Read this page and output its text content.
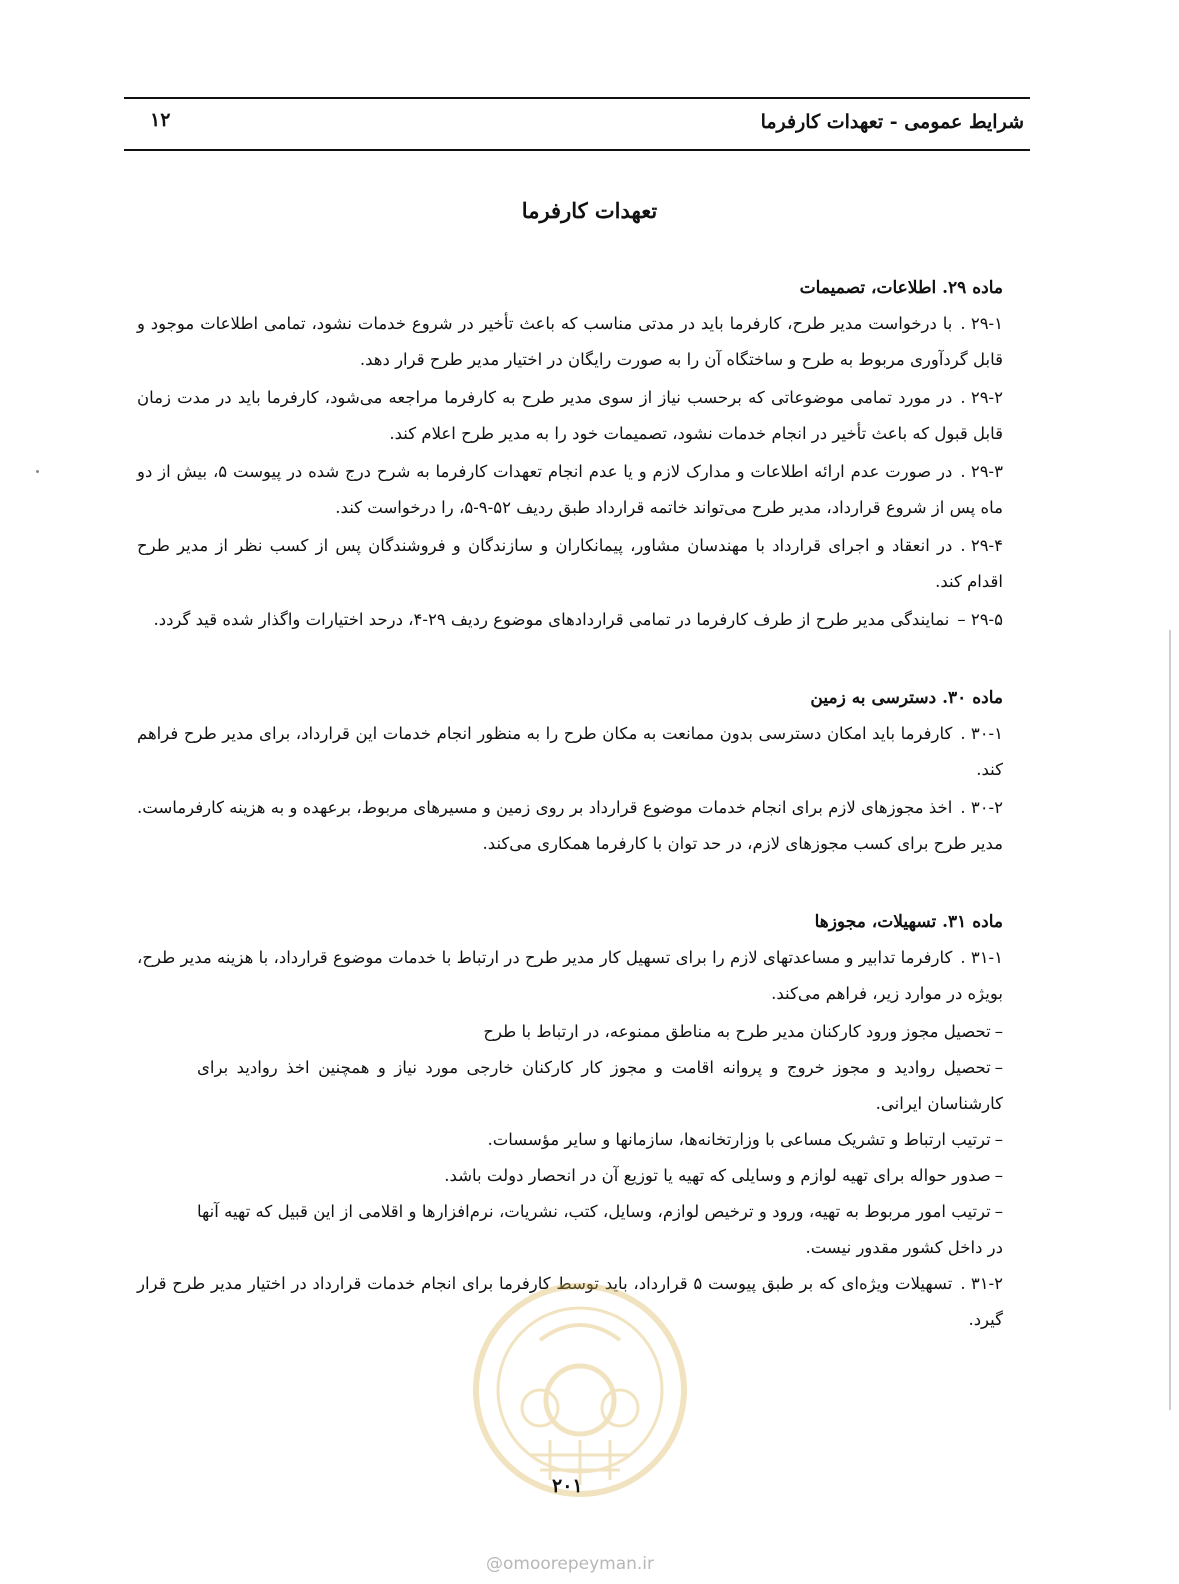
شرایط عمومی - تعهدات کارفرما
۱۲
تعهدات کارفرما

ماده ۲۹. اطلاعات، تصمیمات

۲۹-۱ .با درخواست مدیر طرح، کارفرما باید در مدتی مناسب که باعث تأخیر در شروع خدمات نشود، تمامی اطلاعات موجود و قابل گردآوری مربوط به طرح و ساختگاه آن را به صورت رایگان در اختیار مدیر طرح قرار دهد.

۲۹-۲ .در مورد تمامی موضوعاتی که برحسب نیاز از سوی مدیر طرح به کارفرما مراجعه می‌شود، کارفرما باید در مدت زمان قابل قبول که باعث تأخیر در انجام خدمات نشود، تصمیمات خود را به مدیر طرح اعلام کند.

۲۹-۳ .در صورت عدم ارائه اطلاعات و مدارک لازم و یا عدم انجام تعهدات کارفرما به شرح درج شده در پیوست ۵، بیش از دو ماه پس از شروع قرارداد، مدیر طرح می‌تواند خاتمه قرارداد طبق ردیف ۵۲-۹-۵، را درخواست کند.

۲۹-۴ .در انعقاد و اجرای قرارداد با مهندسان مشاور، پیمانکاران و سازندگان و فروشندگان پس از کسب نظر از مدیر طرح اقدام کند.

۲۹-۵ –نمایندگی مدیر طرح از طرف کارفرما در تمامی قراردادهای موضوع ردیف ۲۹-۴، درحد اختیارات واگذار شده قید گردد.

ماده ۳۰. دسترسی به زمین

۳۰-۱ .کارفرما باید امکان دسترسی بدون ممانعت به مکان طرح را به منظور انجام خدمات این قرارداد، برای مدیر طرح فراهم کند.

۳۰-۲ .اخذ مجوزهای لازم برای انجام خدمات موضوع قرارداد بر روی زمین و مسیرهای مربوط، برعهده و به هزینه کارفرماست. مدیر طرح برای کسب مجوزهای لازم، در حد توان با کارفرما همکاری می‌کند.

ماده ۳۱. تسهیلات، مجوزها

۳۱-۱ .کارفرما تدابیر و مساعدتهای لازم را برای تسهیل کار مدیر طرح در ارتباط با خدمات موضوع قرارداد، با هزینه مدیر طرح، بویژه در موارد زیر، فراهم می‌کند.

–تحصیل مجوز ورود کارکنان مدیر طرح به مناطق ممنوعه، در ارتباط با طرح

–تحصیل روادید و مجوز خروج و پروانه اقامت و مجوز کار کارکنان خارجی مورد نیاز و همچنین اخذ روادید برای کارشناسان ایرانی.

–ترتیب ارتباط و تشریک مساعی با وزارتخانه‌ها، سازمانها و سایر مؤسسات.

–صدور حواله برای تهیه لوازم و وسایلی که تهیه یا توزیع آن در انحصار دولت باشد.

–ترتیب امور مربوط به تهیه، ورود و ترخیص لوازم، وسایل، کتب، نشریات، نرم‌افزارها و اقلامی از این قبیل که تهیه آنها در داخل کشور مقدور نیست.

۳۱-۲ .تسهیلات ویژه‌ای که بر طبق پیوست ۵ قرارداد، باید توسط کارفرما برای انجام خدمات قرارداد در اختیار مدیر طرح قرار گیرد.

۲۰۱
@omoorepeyman.ir
